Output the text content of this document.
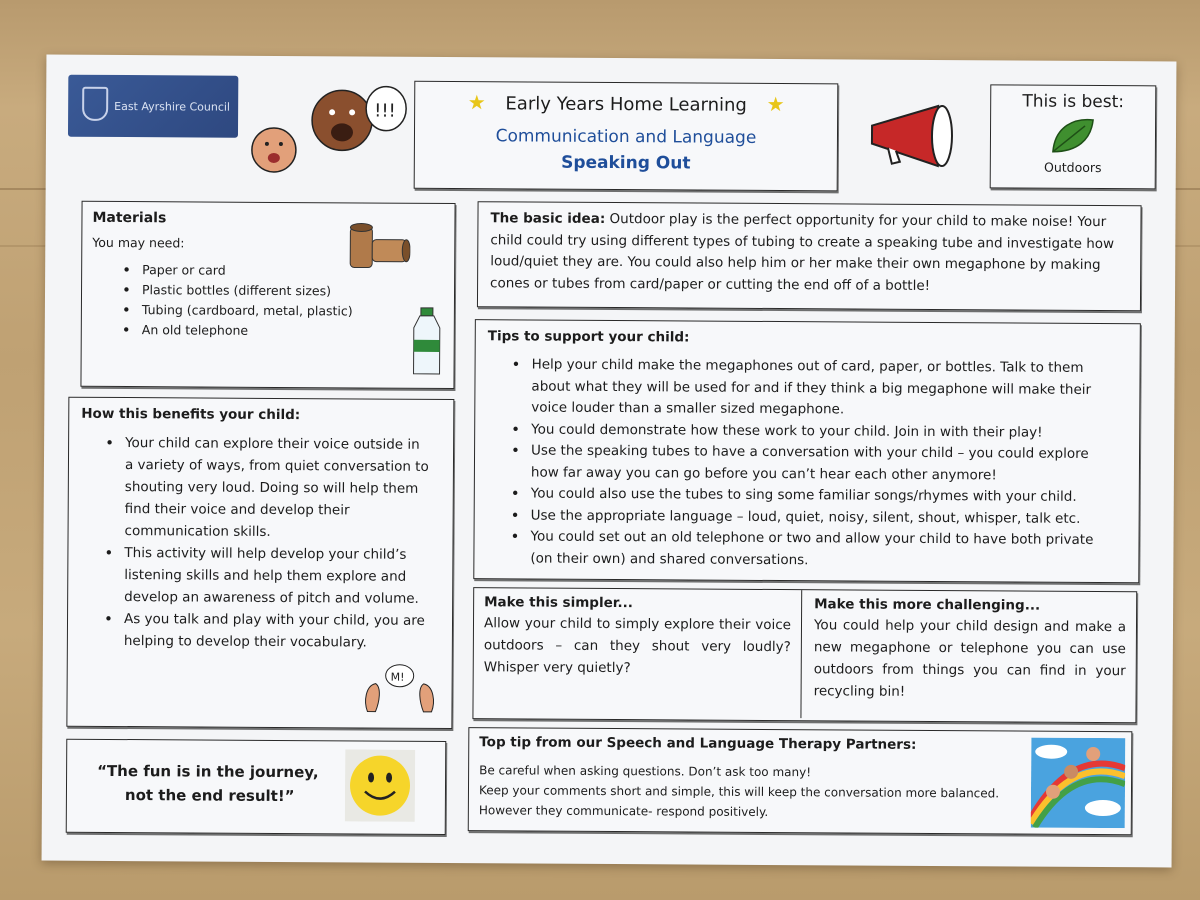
East Ayrshire Council	!!!	★ Early Years Home Learning ★
Communication and Language
Speaking Out
This is best:
Outdoors
Materials
You may need:
• Paper or card
• Plastic bottles (different sizes)
• Tubing (cardboard, metal, plastic)
• An old telephone
How this benefits your child:
• Your child can explore their voice outside in a variety of ways, from quiet conversation to shouting very loud. Doing so will help them find their voice and develop their communication skills.
• This activity will help develop your child’s listening skills and help them explore and develop an awareness of pitch and volume.
• As you talk and play with your child, you are helping to develop their vocabulary.
M!
“The fun is in the journey,
not the end result!”
The basic idea: Outdoor play is the perfect opportunity for your child to make noise! Your child could try using different types of tubing to create a speaking tube and investigate how loud/quiet they are. You could also help him or her make their own megaphone by making cones or tubes from card/paper or cutting the end off of a bottle!
Tips to support your child:
• Help your child make the megaphones out of card, paper, or bottles. Talk to them about what they will be used for and if they think a big megaphone will make their voice louder than a smaller sized megaphone.
• You could demonstrate how these work to your child. Join in with their play!
• Use the speaking tubes to have a conversation with your child – you could explore how far away you can go before you can’t hear each other anymore!
• You could also use the tubes to sing some familiar songs/rhymes with your child.
• Use the appropriate language – loud, quiet, noisy, silent, shout, whisper, talk etc.
• You could set out an old telephone or two and allow your child to have both private (on their own) and shared conversations.
Make this simpler...
Allow your child to simply explore their voice outdoors – can they shout very loudly? Whisper very quietly?
Make this more challenging...
You could help your child design and make a new megaphone or telephone you can use outdoors from things you can find in your recycling bin!
Top tip from our Speech and Language Therapy Partners:
Be careful when asking questions. Don’t ask too many!
Keep your comments short and simple, this will keep the conversation more balanced.
However they communicate- respond positively.
